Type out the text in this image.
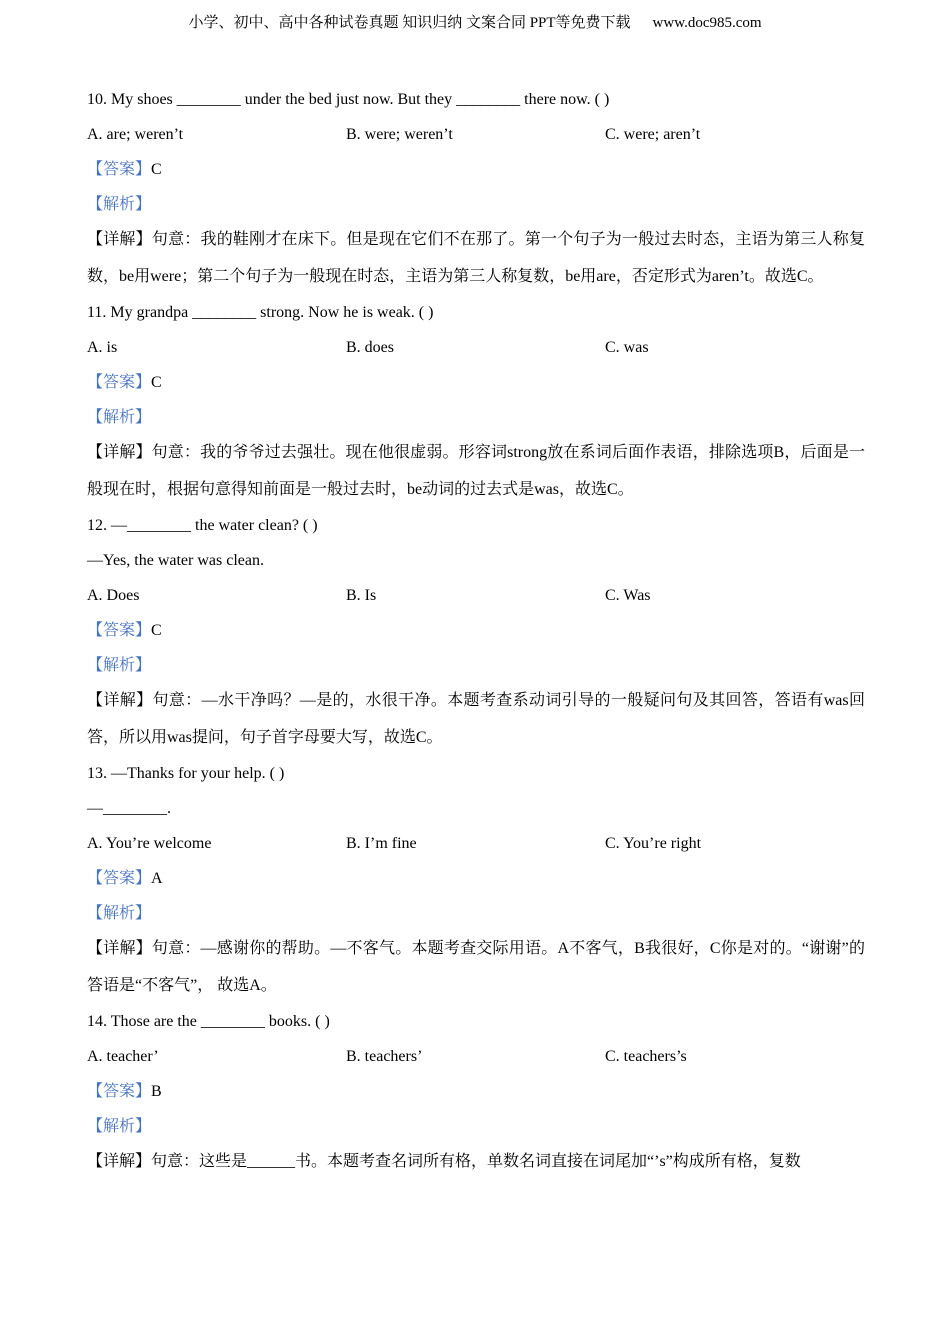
小学、初中、高中各种试卷真题 知识归纳 文案合同 PPT等免费下载 www.doc985.com
10. My shoes ________ under the bed just now. But they ________ there now. ( )
A. are; weren’t	B. were; weren’t	C. were; aren’t
【答案】C
【解析】
【详解】句意：我的鞋刚才在床下。但是现在它们不在那了。第一个句子为一般过去时态，主语为第三人称复数，be用were；第二个句子为一般现在时态，主语为第三人称复数，be用are，否定形式为aren’t。故选C。
11. My grandpa ________ strong. Now he is weak. ( )
A. is	B. does	C. was
【答案】C
【解析】
【详解】句意：我的爷爷过去强壮。现在他很虚弱。形容词strong放在系词后面作表语，排除选项B，后面是一般现在时，根据句意得知前面是一般过去时，be动词的过去式是was，故选C。
12. —________ the water clean? ( )
—Yes, the water was clean.
A. Does	B. Is	C. Was
【答案】C
【解析】
【详解】句意：—水干净吗？—是的，水很干净。本题考查系动词引导的一般疑问句及其回答，答语有was回答，所以用was提问，句子首字母要大写，故选C。
13. —Thanks for your help. ( )
—________.
A. You’re welcome	B. I’m fine	C. You’re right
【答案】A
【解析】
【详解】句意：—感谢你的帮助。—不客气。本题考查交际用语。A不客气，B我很好，C你是对的。“谢谢”的答语是“不客气”， 故选A。
14. Those are the ________ books. ( )
A. teacher’	B. teachers’	C. teachers’s
【答案】B
【解析】
【详解】句意：这些是______书。本题考查名词所有格，单数名词直接在词尾加“’s”构成所有格，复数
